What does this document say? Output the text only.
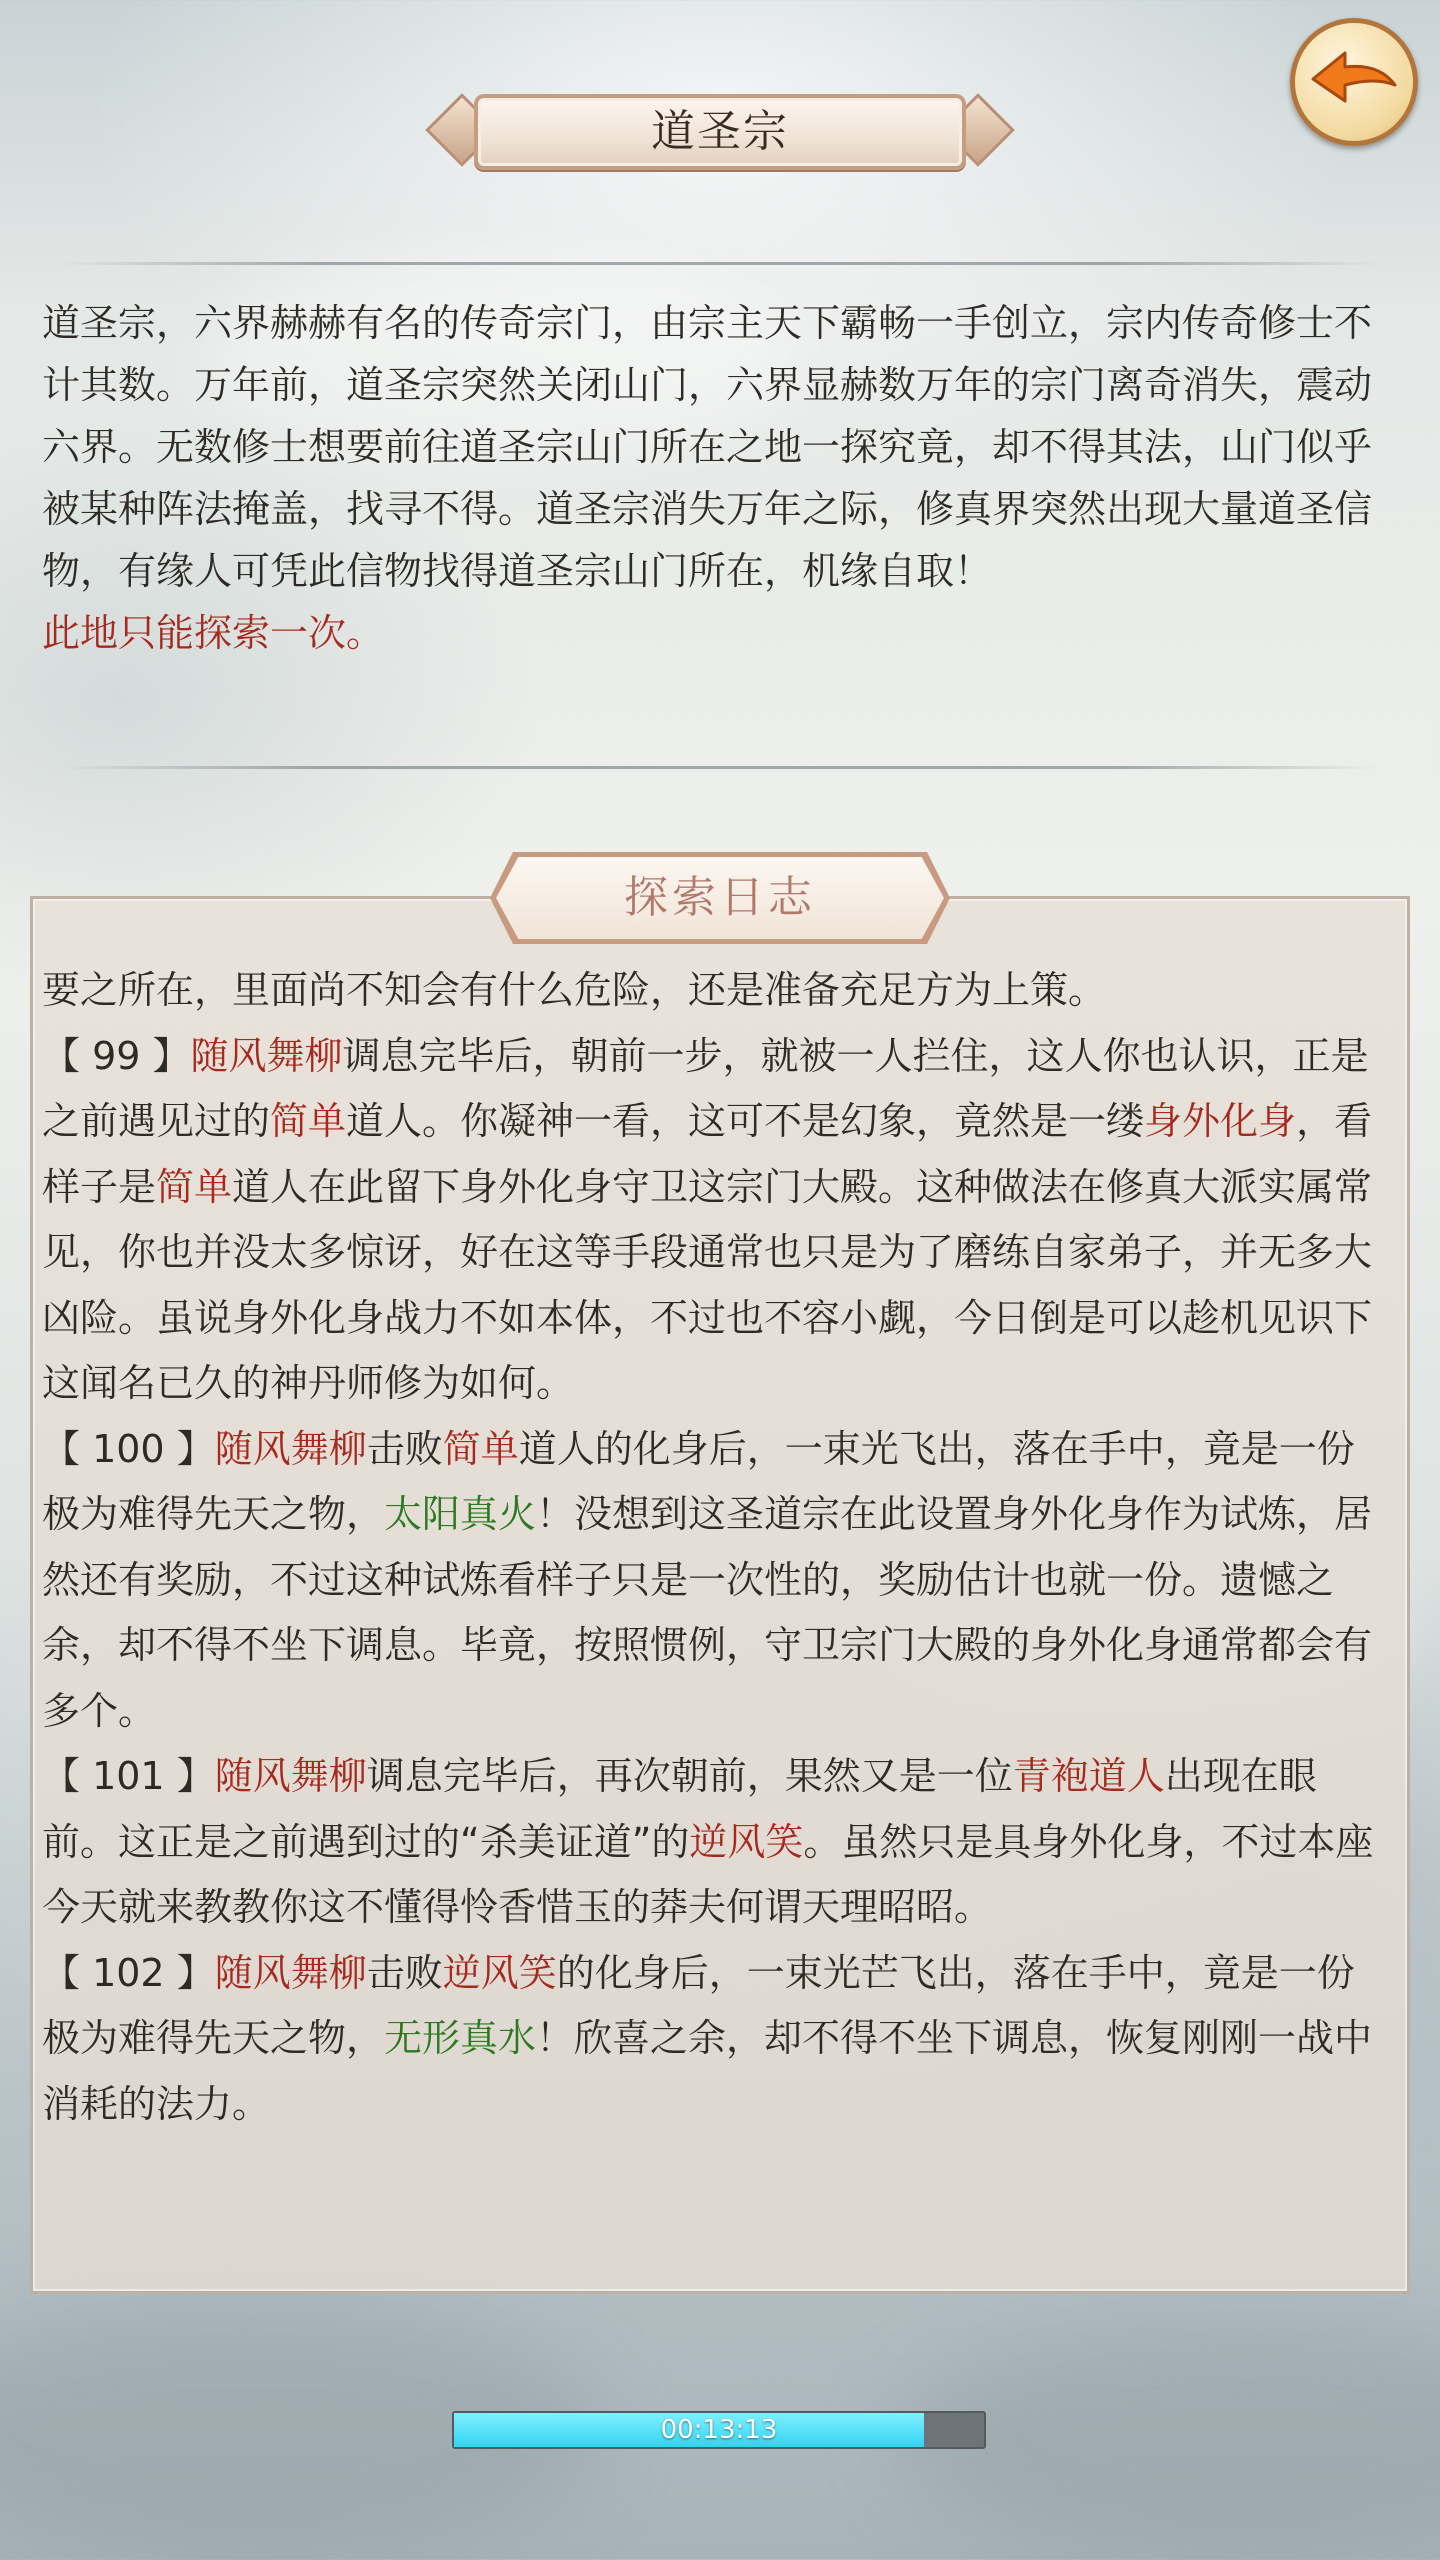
道圣宗

道圣宗，六界赫赫有名的传奇宗门，由宗主天下霸畅一手创立，宗内传奇修士不计其数。万年前，道圣宗突然关闭山门，六界显赫数万年的宗门离奇消失，震动六界。无数修士想要前往道圣宗山门所在之地一探究竟，却不得其法，山门似乎被某种阵法掩盖，找寻不得。道圣宗消失万年之际，修真界突然出现大量道圣信物，有缘人可凭此信物找得道圣宗山门所在，机缘自取！

此地只能探索一次。

探索日志

要之所在，里面尚不知会有什么危险，还是准备充足方为上策。

【 99 】随风舞柳调息完毕后，朝前一步，就被一人拦住，这人你也认识，正是之前遇见过的简单道人。你凝神一看，这可不是幻象，竟然是一缕身外化身，看样子是简单道人在此留下身外化身守卫这宗门大殿。这种做法在修真大派实属常见，你也并没太多惊讶，好在这等手段通常也只是为了磨练自家弟子，并无多大凶险。虽说身外化身战力不如本体，不过也不容小觑，今日倒是可以趁机见识下这闻名已久的神丹师修为如何。

【 100 】随风舞柳击败简单道人的化身后，一束光飞出，落在手中，竟是一份极为难得先天之物，太阳真火！没想到这圣道宗在此设置身外化身作为试炼，居然还有奖励，不过这种试炼看样子只是一次性的，奖励估计也就一份。遗憾之余，却不得不坐下调息。毕竟，按照惯例，守卫宗门大殿的身外化身通常都会有多个。

【 101 】随风舞柳调息完毕后，再次朝前，果然又是一位青袍道人出现在眼前。这正是之前遇到过的“杀美证道”的逆风笑。虽然只是具身外化身，不过本座今天就来教教你这不懂得怜香惜玉的莽夫何谓天理昭昭。

【 102 】随风舞柳击败逆风笑的化身后，一束光芒飞出，落在手中，竟是一份极为难得先天之物，无形真水！欣喜之余，却不得不坐下调息，恢复刚刚一战中消耗的法力。

00:13:13
